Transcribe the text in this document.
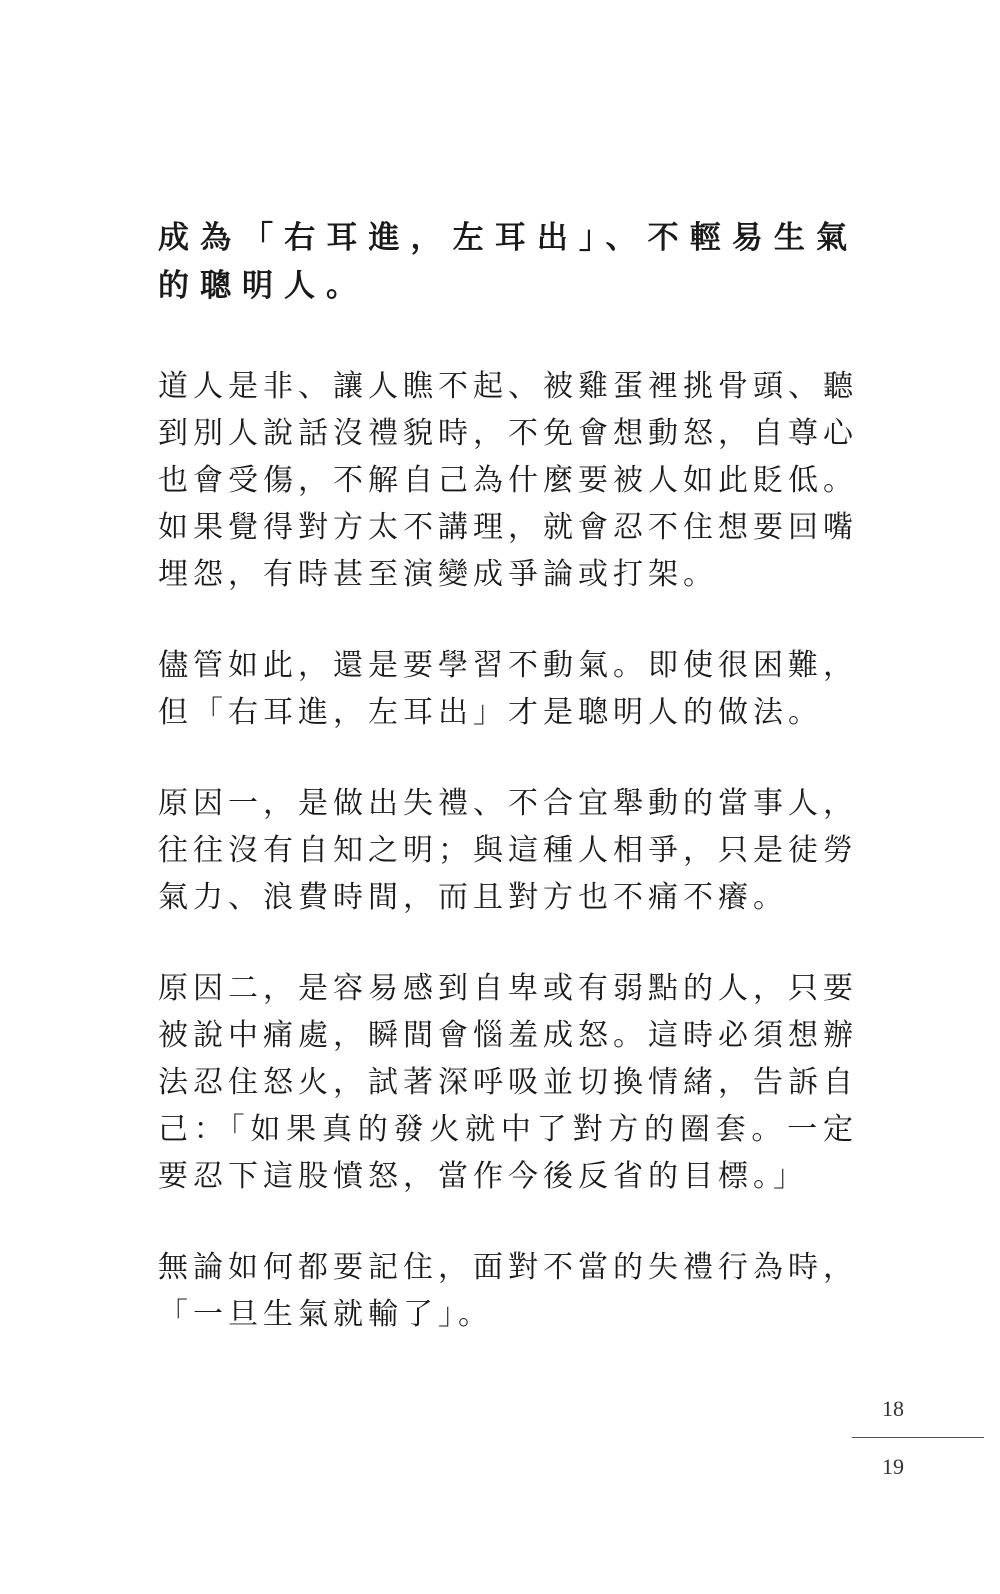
成為「右耳進，左耳出」、不輕易生氣的聰明人。

道人是非、讓人瞧不起、被雞蛋裡挑骨頭、聽到別人說話沒禮貌時，不免會想動怒，自尊心也會受傷，不解自己為什麼要被人如此貶低。如果覺得對方太不講理，就會忍不住想要回嘴埋怨，有時甚至演變成爭論或打架。

儘管如此，還是要學習不動氣。即使很困難，但「右耳進，左耳出」才是聰明人的做法。

原因一，是做出失禮、不合宜舉動的當事人，往往沒有自知之明；與這種人相爭，只是徒勞氣力、浪費時間，而且對方也不痛不癢。

原因二，是容易感到自卑或有弱點的人，只要被說中痛處，瞬間會惱羞成怒。這時必須想辦法忍住怒火，試著深呼吸並切換情緒，告訴自己：「如果真的發火就中了對方的圈套。一定要忍下這股憤怒，當作今後反省的目標。」

無論如何都要記住，面對不當的失禮行為時，「一旦生氣就輸了」。

18
19
